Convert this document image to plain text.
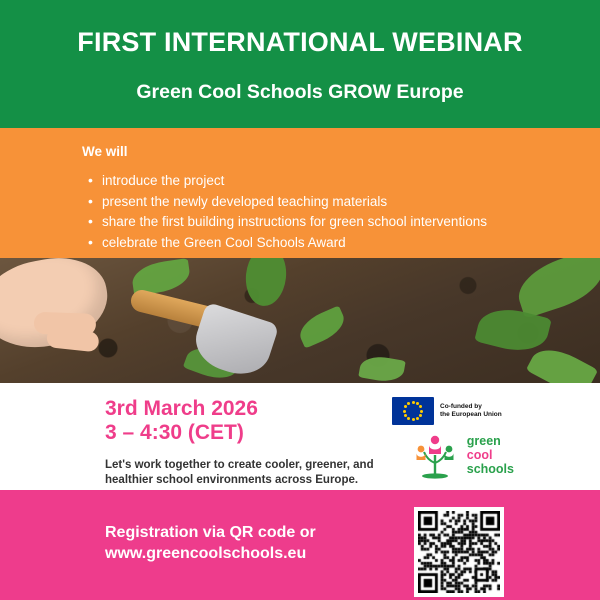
FIRST INTERNATIONAL WEBINAR
Green Cool Schools GROW Europe
We will
• introduce the project
• present the newly developed teaching materials
• share the first building instructions for green school interventions
• celebrate the Green Cool Schools Award
3rd March 2026
3 – 4:30 (CET)
Let's work together to create cooler, greener, and
healthier school environments across Europe.
Co-funded by
the European Union
green
cool
schools
Registration via QR code or
www.greencoolschools.eu
